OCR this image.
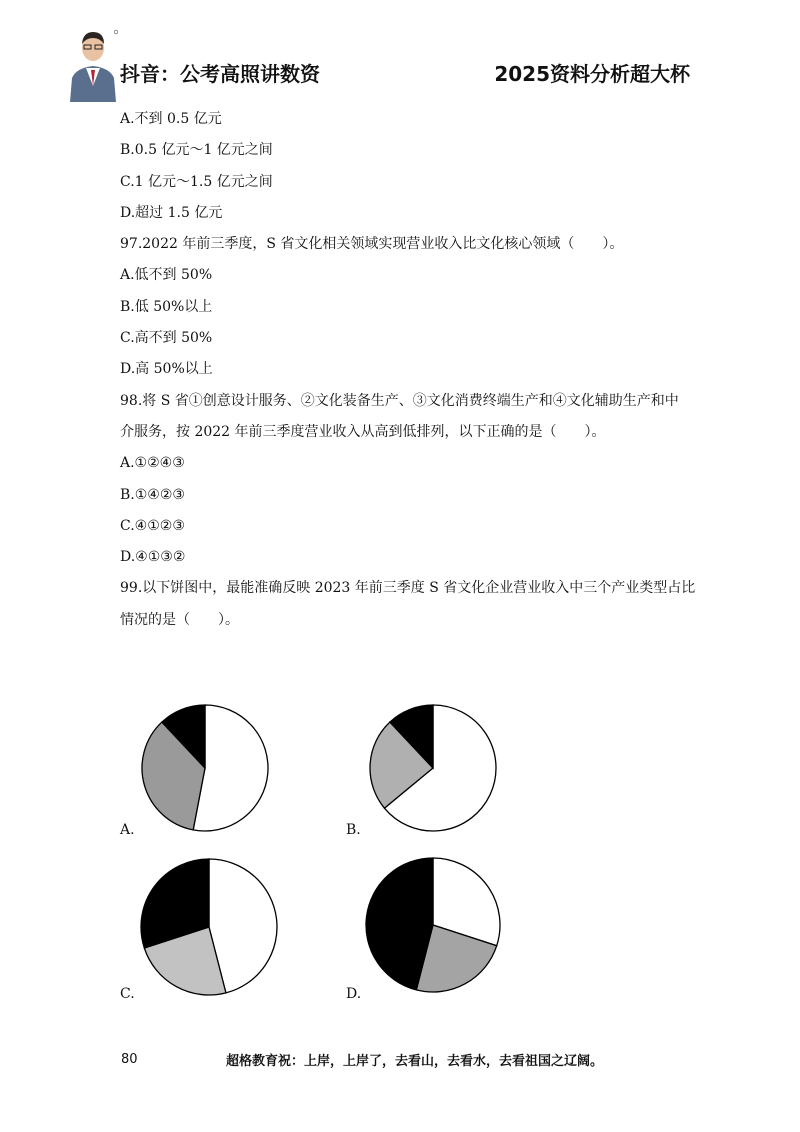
抖音：公考高照讲数资	2025资料分析超大杯
A.不到 0.5 亿元
B.0.5 亿元～1 亿元之间
C.1 亿元～1.5 亿元之间
D.超过 1.5 亿元
97.2022 年前三季度，S 省文化相关领域实现营业收入比文化核心领域（　　）。
A.低不到 50%
B.低 50%以上
C.高不到 50%
D.高 50%以上
98.将 S 省①创意设计服务、②文化装备生产、③文化消费终端生产和④文化辅助生产和中
介服务，按 2022 年前三季度营业收入从高到低排列，以下正确的是（　　）。
A.①②④③
B.①④②③
C.④①②③
D.④①③②
99.以下饼图中，最能准确反映 2023 年前三季度 S 省文化企业营业收入中三个产业类型占比
情况的是（　　）。
A.	B.
C.	D.
80	超格教育祝：上岸，上岸了，去看山，去看水，去看祖国之辽阔。
